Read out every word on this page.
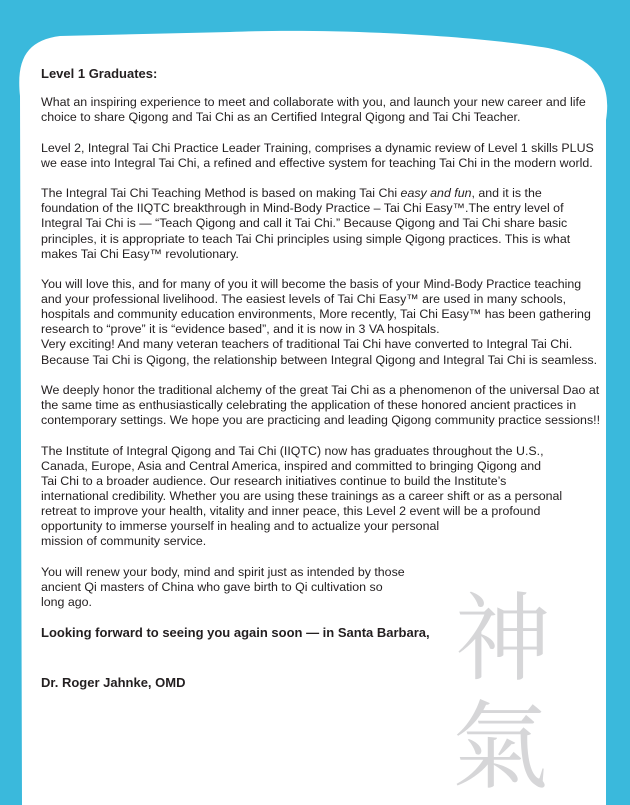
Level 1 Graduates:

What an inspiring experience to meet and collaborate with you, and launch your new career and life choice to share Qigong and Tai Chi as an Certified Integral Qigong and Tai Chi Teacher.

Level 2, Integral Tai Chi Practice Leader Training, comprises a dynamic review of Level 1 skills PLUS we ease into Integral Tai Chi, a refined and effective system for teaching Tai Chi in the modern world.

The Integral Tai Chi Teaching Method is based on making Tai Chi easy and fun, and it is the foundation of the IIQTC breakthrough in Mind-Body Practice – Tai Chi Easy™.The entry level of Integral Tai Chi is — “Teach Qigong and call it Tai Chi.” Because Qigong and Tai Chi share basic principles, it is appropriate to teach Tai Chi principles using simple Qigong practices. This is what makes Tai Chi Easy™ revolutionary.

You will love this, and for many of you it will become the basis of your Mind-Body Practice teaching and your professional livelihood. The easiest levels of Tai Chi Easy™ are used in many schools, hospitals and community education environments, More recently, Tai Chi Easy™ has been gathering research to “prove” it is “evidence based”, and it is now in 3 VA hospitals.
Very exciting! And many veteran teachers of traditional Tai Chi have converted to Integral Tai Chi. Because Tai Chi is Qigong, the relationship between Integral Qigong and Integral Tai Chi is seamless.

We deeply honor the traditional alchemy of the great Tai Chi as a phenomenon of the universal Dao at the same time as enthusiastically celebrating the application of these honored ancient practices in contemporary settings. We hope you are practicing and leading Qigong community practice sessions!!

The Institute of Integral Qigong and Tai Chi (IIQTC) now has graduates throughout the U.S.,
Canada, Europe, Asia and Central America, inspired and committed to bringing Qigong and
Tai Chi to a broader audience. Our research initiatives continue to build the Institute’s
international credibility. Whether you are using these trainings as a career shift or as a personal
retreat to improve your health, vitality and inner peace, this Level 2 event will be a profound
opportunity to immerse yourself in healing and to actualize your personal
mission of community service.

You will renew your body, mind and spirit just as intended by those
ancient Qi masters of China who gave birth to Qi cultivation so
long ago.

Looking forward to seeing you again soon — in Santa Barbara,

Dr. Roger Jahnke, OMD	神
氣
